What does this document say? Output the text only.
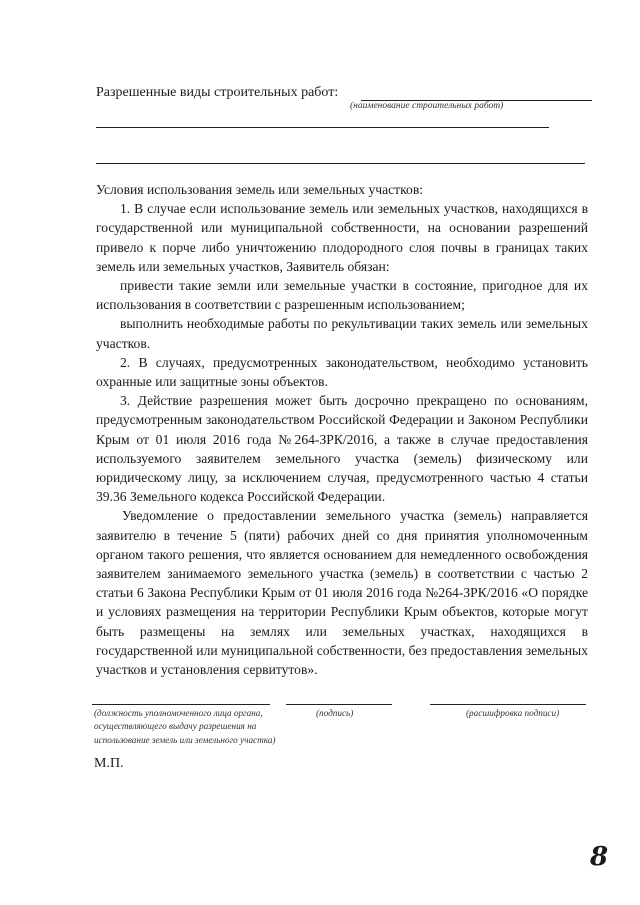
Разрешенные виды строительных работ:
(наименование строительных работ)

Условия использования земель или земельных участков:

1. В случае если использование земель или земельных участков, находящихся в государственной или муниципальной собственности, на основании разрешений привело к порче либо уничтожению плодородного слоя почвы в границах таких земель или земельных участков, Заявитель обязан:

привести такие земли или земельные участки в состояние, пригодное для их использования в соответствии с разрешенным использованием;

выполнить необходимые работы по рекультивации таких земель или земельных участков.

2. В случаях, предусмотренных законодательством, необходимо установить охранные или защитные зоны объектов.

3. Действие разрешения может быть досрочно прекращено по основаниям, предусмотренным законодательством Российской Федерации и Законом Республики Крым от 01 июля 2016 года №264-ЗРК/2016, а также в случае предоставления используемого заявителем земельного участка (земель) физическому или юридическому лицу, за исключением случая, предусмотренного частью 4 статьи 39.36 Земельного кодекса Российской Федерации.

Уведомление о предоставлении земельного участка (земель) направляется заявителю в течение 5 (пяти) рабочих дней со дня принятия уполномоченным органом такого решения, что является основанием для немедленного освобождения заявителем занимаемого земельного участка (земель) в соответствии с частью 2 статьи 6 Закона Республики Крым от 01 июля 2016 года №264-ЗРК/2016 «О порядке и условиях размещения на территории Республики Крым объектов, которые могут быть размещены на землях или земельных участках, находящихся в государственной или муниципальной собственности, без предоставления земельных участков и установления сервитутов».

(должность уполномоченного лица органа, осуществляющего выдачу разрешения на использование земель или земельного участка)
(подпись)	(расшифровка подписи)
М.П.
8
